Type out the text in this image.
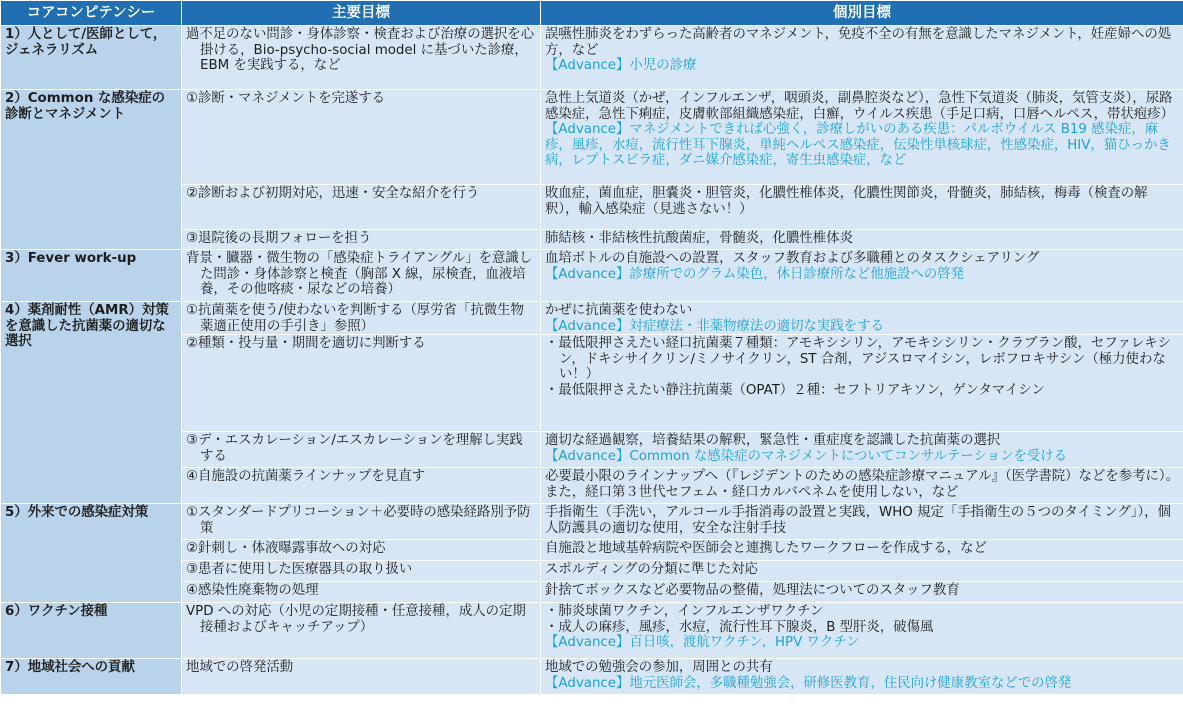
コアコンピテンシー	主要目標	個別目標

1）人として/医師として，ジェネラリズム	過不足のない問診・身体診察・検査および治療の選択を心掛ける，Bio-psycho-social model に基づいた診療，EBM を実践する，など	誤嚥性肺炎をわずらった高齢者のマネジメント，免疫不全の有無を意識したマネジメント，妊産婦への処方，など
【Advance】小児の診療

2）Common な感染症の診断とマネジメント	①診断・マネジメントを完遂する	急性上気道炎（かぜ，インフルエンザ，咽頭炎，副鼻腔炎など），急性下気道炎（肺炎，気管支炎），尿路感染症，急性下痢症，皮膚軟部組織感染症，白癬，ウイルス疾患（手足口病，口唇ヘルペス，帯状疱疹）
【Advance】マネジメントできれば心強く，診療しがいのある疾患：パルボウイルス B19 感染症，麻疹，風疹，水痘，流行性耳下腺炎，単純ヘルペス感染症，伝染性単核球症，性感染症，HIV，猫ひっかき病，レプトスピラ症，ダニ媒介感染症，寄生虫感染症，など

	②診断および初期対応，迅速・安全な紹介を行う	敗血症，菌血症，胆嚢炎・胆管炎，化膿性椎体炎，化膿性関節炎，骨髄炎，肺結核，梅毒（検査の解釈），輸入感染症（見逃さない！）

	③退院後の長期フォローを担う	肺結核・非結核性抗酸菌症，骨髄炎，化膿性椎体炎

3）Fever work-up	背景・臓器・微生物の「感染症トライアングル」を意識した問診・身体診察と検査（胸部 X 線，尿検査，血液培養，その他喀痰・尿などの培養）	血培ボトルの自施設への設置，スタッフ教育および多職種とのタスクシェアリング
【Advance】診療所でのグラム染色，休日診療所など他施設への啓発

4）薬剤耐性（AMR）対策を意識した抗菌薬の適切な選択	①抗菌薬を使う/使わないを判断する（厚労省「抗微生物薬適正使用の手引き」参照）	かぜに抗菌薬を使わない
【Advance】対症療法・非薬物療法の適切な実践をする

	②種類・投与量・期間を適切に判断する	・最低限押さえたい経口抗菌薬７種類：アモキシシリン，アモキシシリン・クラブラン酸，セファレキシン，ドキシサイクリン/ミノサイクリン，ST 合剤，アジスロマイシン，レボフロキサシン（極力使わない！）
・最低限押さえたい静注抗菌薬（OPAT）２種：セフトリアキソン，ゲンタマイシン

	③デ・エスカレーション/エスカレーションを理解し実践する	適切な経過観察，培養結果の解釈，緊急性・重症度を認識した抗菌薬の選択
【Advance】Common な感染症のマネジメントについてコンサルテーションを受ける

	④自施設の抗菌薬ラインナップを見直す	必要最小限のラインナップへ（『レジデントのための感染症診療マニュアル』（医学書院）などを参考に）。また，経口第３世代セフェム・経口カルバペネムを使用しない，など

5）外来での感染症対策	①スタンダードプリコーション＋必要時の感染経路別予防策	手指衛生（手洗い，アルコール手指消毒の設置と実践，WHO 規定「手指衛生の５つのタイミング」），個人防護具の適切な使用，安全な注射手技

	②針刺し・体液曝露事故への対応	自施設と地域基幹病院や医師会と連携したワークフローを作成する，など

	③患者に使用した医療器具の取り扱い	スポルディングの分類に準じた対応

	④感染性廃棄物の処理	針捨てボックスなど必要物品の整備，処理法についてのスタッフ教育

6）ワクチン接種	VPD への対応（小児の定期接種・任意接種，成人の定期接種およびキャッチアップ）	・肺炎球菌ワクチン，インフルエンザワクチン
・成人の麻疹，風疹，水痘，流行性耳下腺炎，B 型肝炎，破傷風
【Advance】百日咳，渡航ワクチン，HPV ワクチン

7）地域社会への貢献	地域での啓発活動	地域での勉強会の参加，周囲との共有
【Advance】地元医師会，多職種勉強会，研修医教育，住民向け健康教室などでの啓発
